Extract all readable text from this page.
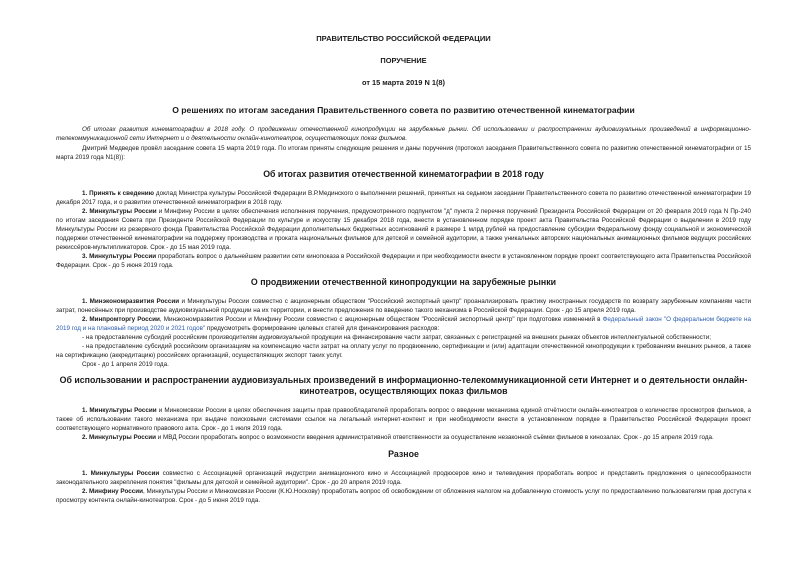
ПРАВИТЕЛЬСТВО РОССИЙСКОЙ ФЕДЕРАЦИИ
ПОРУЧЕНИЕ
от 15 марта 2019 N 1(8)
О решениях по итогам заседания Правительственного совета по развитию отечественной кинематографии

Об итогах развития кинематографии в 2018 году. О продвижении отечественной кинопродукции на зарубежные рынки. Об использовании и распространении аудиовизуальных произведений в информационно-телекоммуникационной сети Интернет и о деятельности онлайн-кинотеатров, осуществляющих показ фильмов.

Дмитрий Медведев провёл заседание совета 15 марта 2019 года. По итогам приняты следующие решения и даны поручения (протокол заседания Правительственного совета по развитию отечественной кинематографии от 15 марта 2019 года N1(8)):

Об итогах развития отечественной кинематографии в 2018 году

1. Принять к сведению доклад Министра культуры Российской Федерации В.Р.Мединского о выполнении решений, принятых на седьмом заседании Правительственного совета по развитию отечественной кинематографии 19 декабря 2017 года, и о развитии отечественной кинематографии в 2018 году.

2. Минкультуры России и Минфину России в целях обеспечения исполнения поручения, предусмотренного подпунктом "д" пункта 2 перечня поручений Президента Российской Федерации от 20 февраля 2019 года N Пр-240 по итогам заседания Совета при Президенте Российской Федерации по культуре и искусству 15 декабря 2018 года, внести в установленном порядке проект акта Правительства Российской Федерации о выделении в 2019 году Минкультуры России из резервного фонда Правительства Российской Федерации дополнительных бюджетных ассигнований в размере 1 млрд рублей на предоставление субсидии Федеральному фонду социальной и экономической поддержки отечественной кинематографии на поддержку производства и проката национальных фильмов для детской и семейной аудитории, а также уникальных авторских национальных анимационных фильмов ведущих российских режиссёров-мультипликаторов. Срок - до 15 мая 2019 года.

3. Минкультуры России проработать вопрос о дальнейшем развитии сети кинопоказа в Российской Федерации и при необходимости внести в установленном порядке проект соответствующего акта Правительства Российской Федерации. Срок - до 5 июня 2019 года.

О продвижении отечественной кинопродукции на зарубежные рынки

1. Минэкономразвития России и Минкультуры России совместно с акционерным обществом "Российский экспортный центр" проанализировать практику иностранных государств по возврату зарубежным компаниям части затрат, понесённых при производстве аудиовизуальной продукции на их территории, и внести предложения по введению такого механизма в Российской Федерации. Срок - до 15 апреля 2019 года.

2. Минпромторгу России, Минэкономразвития России и Минфину России совместно с акционерным обществом "Российский экспортный центр" при подготовке изменений в Федеральный закон "О федеральном бюджете на 2019 год и на плановый период 2020 и 2021 годов" предусмотреть формирование целевых статей для финансирования расходов:

- на предоставление субсидий российским производителям аудиовизуальной продукции на финансирование части затрат, связанных с регистрацией на внешних рынках объектов интеллектуальной собственности;

- на предоставление субсидий российским организациям на компенсацию части затрат на оплату услуг по продвижению, сертификации и (или) адаптации отечественной кинопродукции к требованиям внешних рынков, а также на сертификацию (аккредитацию) российских организаций, осуществляющих экспорт таких услуг.

Срок - до 1 апреля 2019 года.

Об использовании и распространении аудиовизуальных произведений в информационно-телекоммуникационной сети Интернет и о деятельности онлайн-кинотеатров, осуществляющих показ фильмов

1. Минкультуры России и Минкомсвязи России в целях обеспечения защиты прав правообладателей проработать вопрос о введении механизма единой отчётности онлайн-кинотеатров о количестве просмотров фильмов, а также об использовании такого механизма при выдаче поисковыми системами ссылок на легальный интернет-контент и при необходимости внести в установленном порядке в Правительство Российской Федерации проект соответствующего нормативного правового акта. Срок - до 1 июля 2019 года.

2. Минкультуры России и МВД России проработать вопрос о возможности введения административной ответственности за осуществление незаконной съёмки фильмов в кинозалах. Срок - до 15 апреля 2019 года.

Разное

1. Минкультуры России совместно с Ассоциацией организаций индустрии анимационного кино и Ассоциацией продюсеров кино и телевидения проработать вопрос и представить предложения о целесообразности законодательного закрепления понятия "фильмы для детской и семейной аудитории". Срок - до 20 апреля 2019 года.

2. Минфину России, Минкультуры России и Минкомсвязи России (К.Ю.Носкову) проработать вопрос об освобождении от обложения налогом на добавленную стоимость услуг по предоставлению пользователям прав доступа к просмотру контента онлайн-кинотеатров. Срок - до 5 июня 2019 года.
